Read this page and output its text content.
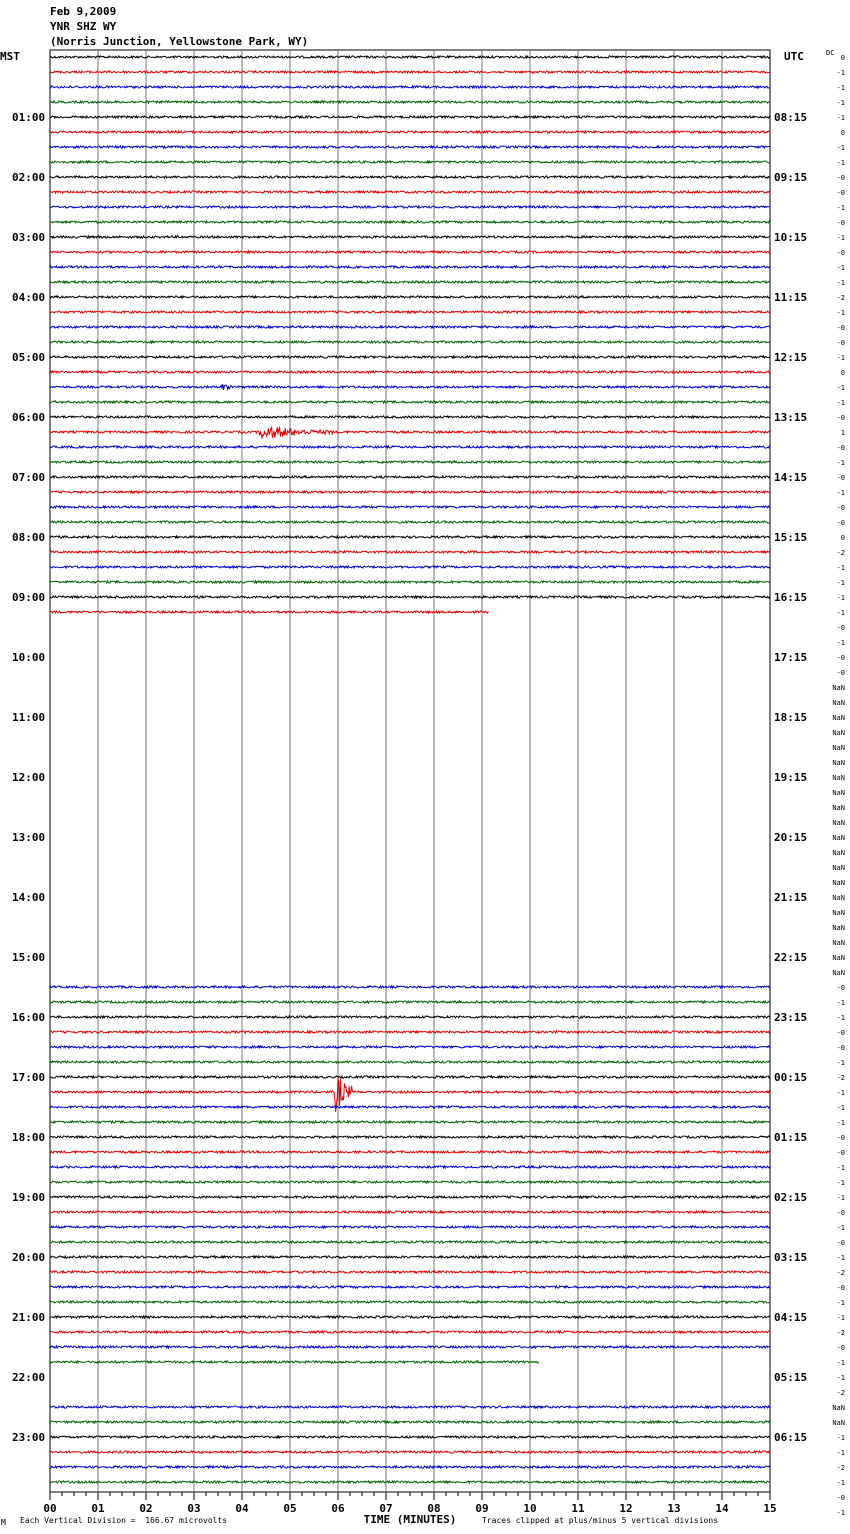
Feb 9,2009
YNR SHZ WY
(Norris Junction, Yellowstone Park, WY)
MST	UTC	DC
00	01	02	03	04	05	06	07	08	09	10	11	12	13	14	15
TIME (MINUTES)
01:00
02:00
03:00
04:00
05:00
06:00
07:00
08:00
09:00
10:00
11:00
12:00
13:00
14:00
15:00
16:00
17:00
18:00
19:00
20:00
21:00
22:00
23:00
08:15
09:15
10:15
11:15
12:15
13:15
14:15
15:15
16:15
17:15
18:15
19:15
20:15
21:15
22:15
23:15
00:15
01:15
02:15
03:15
04:15
05:15
06:15
0
-1
-1
-1
-1
0
-1
-1
-0
-0
-1
-0
-1
-0
-1
-1
-2
-1
-0
-0
-1
0
-1
-1
-0
1
-0
-1
-0
-1
-0
-0
0
-2
-1
-1
-1
-1
-0
-1
-0
-0
NaN
NaN
NaN
NaN
NaN
NaN
NaN
NaN
NaN
NaN
NaN
NaN
NaN
NaN
NaN
NaN
NaN
NaN
NaN
NaN
-0
-1
-1
-0
-0
-1
-2
-1
-1
-1
-0
-0
-1
-1
-1
-0
-1
-0
-1
-2
-0
-1
-1
-2
-0
-1
-1
-2
NaN
NaN
-1
-1
-2
-1
-0
-1
M Each Vertical Division =  166.67 microvolts	Traces clipped at plus/minus 5 vertical divisions
